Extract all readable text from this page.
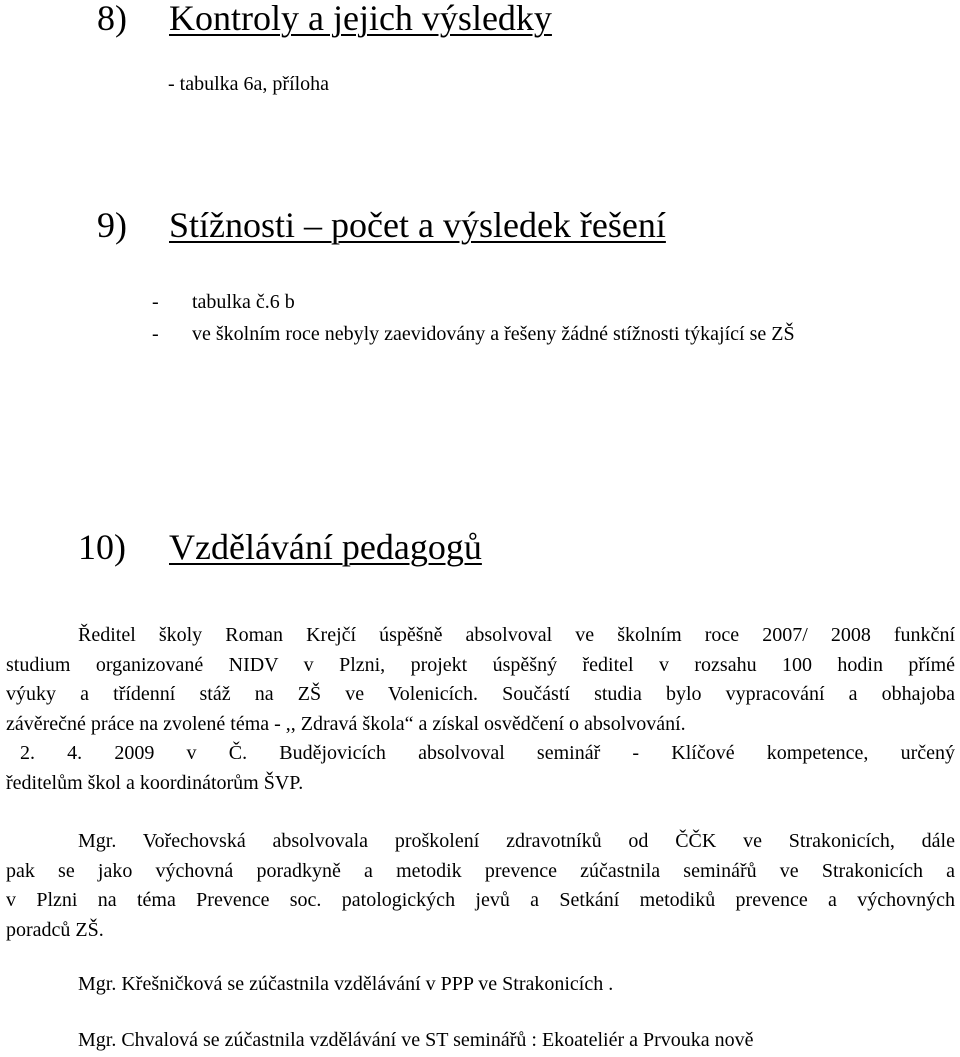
8) Kontroly a jejich výsledky
- tabulka 6a, příloha
9) Stížnosti – počet a výsledek řešení
- tabulka č.6 b
- ve školním roce nebyly zaevidovány a řešeny žádné stížnosti týkající se ZŠ
10) Vzdělávání pedagogů
Ředitel školy Roman Krejčí úspěšně absolvoval ve školním roce 2007/ 2008 funkční
studium organizované NIDV v Plzni, projekt úspěšný ředitel v rozsahu 100 hodin přímé
výuky a třídenní stáž na ZŠ ve Volenicích. Součástí studia bylo vypracování a obhajoba
závěrečné práce na zvolené téma - ,, Zdravá škola“ a získal osvědčení o absolvování.
2. 4. 2009 v Č. Budějovicích absolvoval seminář - Klíčové kompetence, určený
ředitelům škol a koordinátorům ŠVP.
Mgr. Vořechovská absolvovala proškolení zdravotníků od ČČK ve Strakonicích, dále
pak se jako výchovná poradkyně a metodik prevence zúčastnila seminářů ve Strakonicích a
v Plzni na téma Prevence soc. patologických jevů a Setkání metodiků prevence a výchovných
poradců ZŠ.
Mgr. Křešničková se zúčastnila vzdělávání v PPP ve Strakonicích .
Mgr. Chvalová se zúčastnila vzdělávání ve ST seminářů : Ekoateliér a Prvouka nově
